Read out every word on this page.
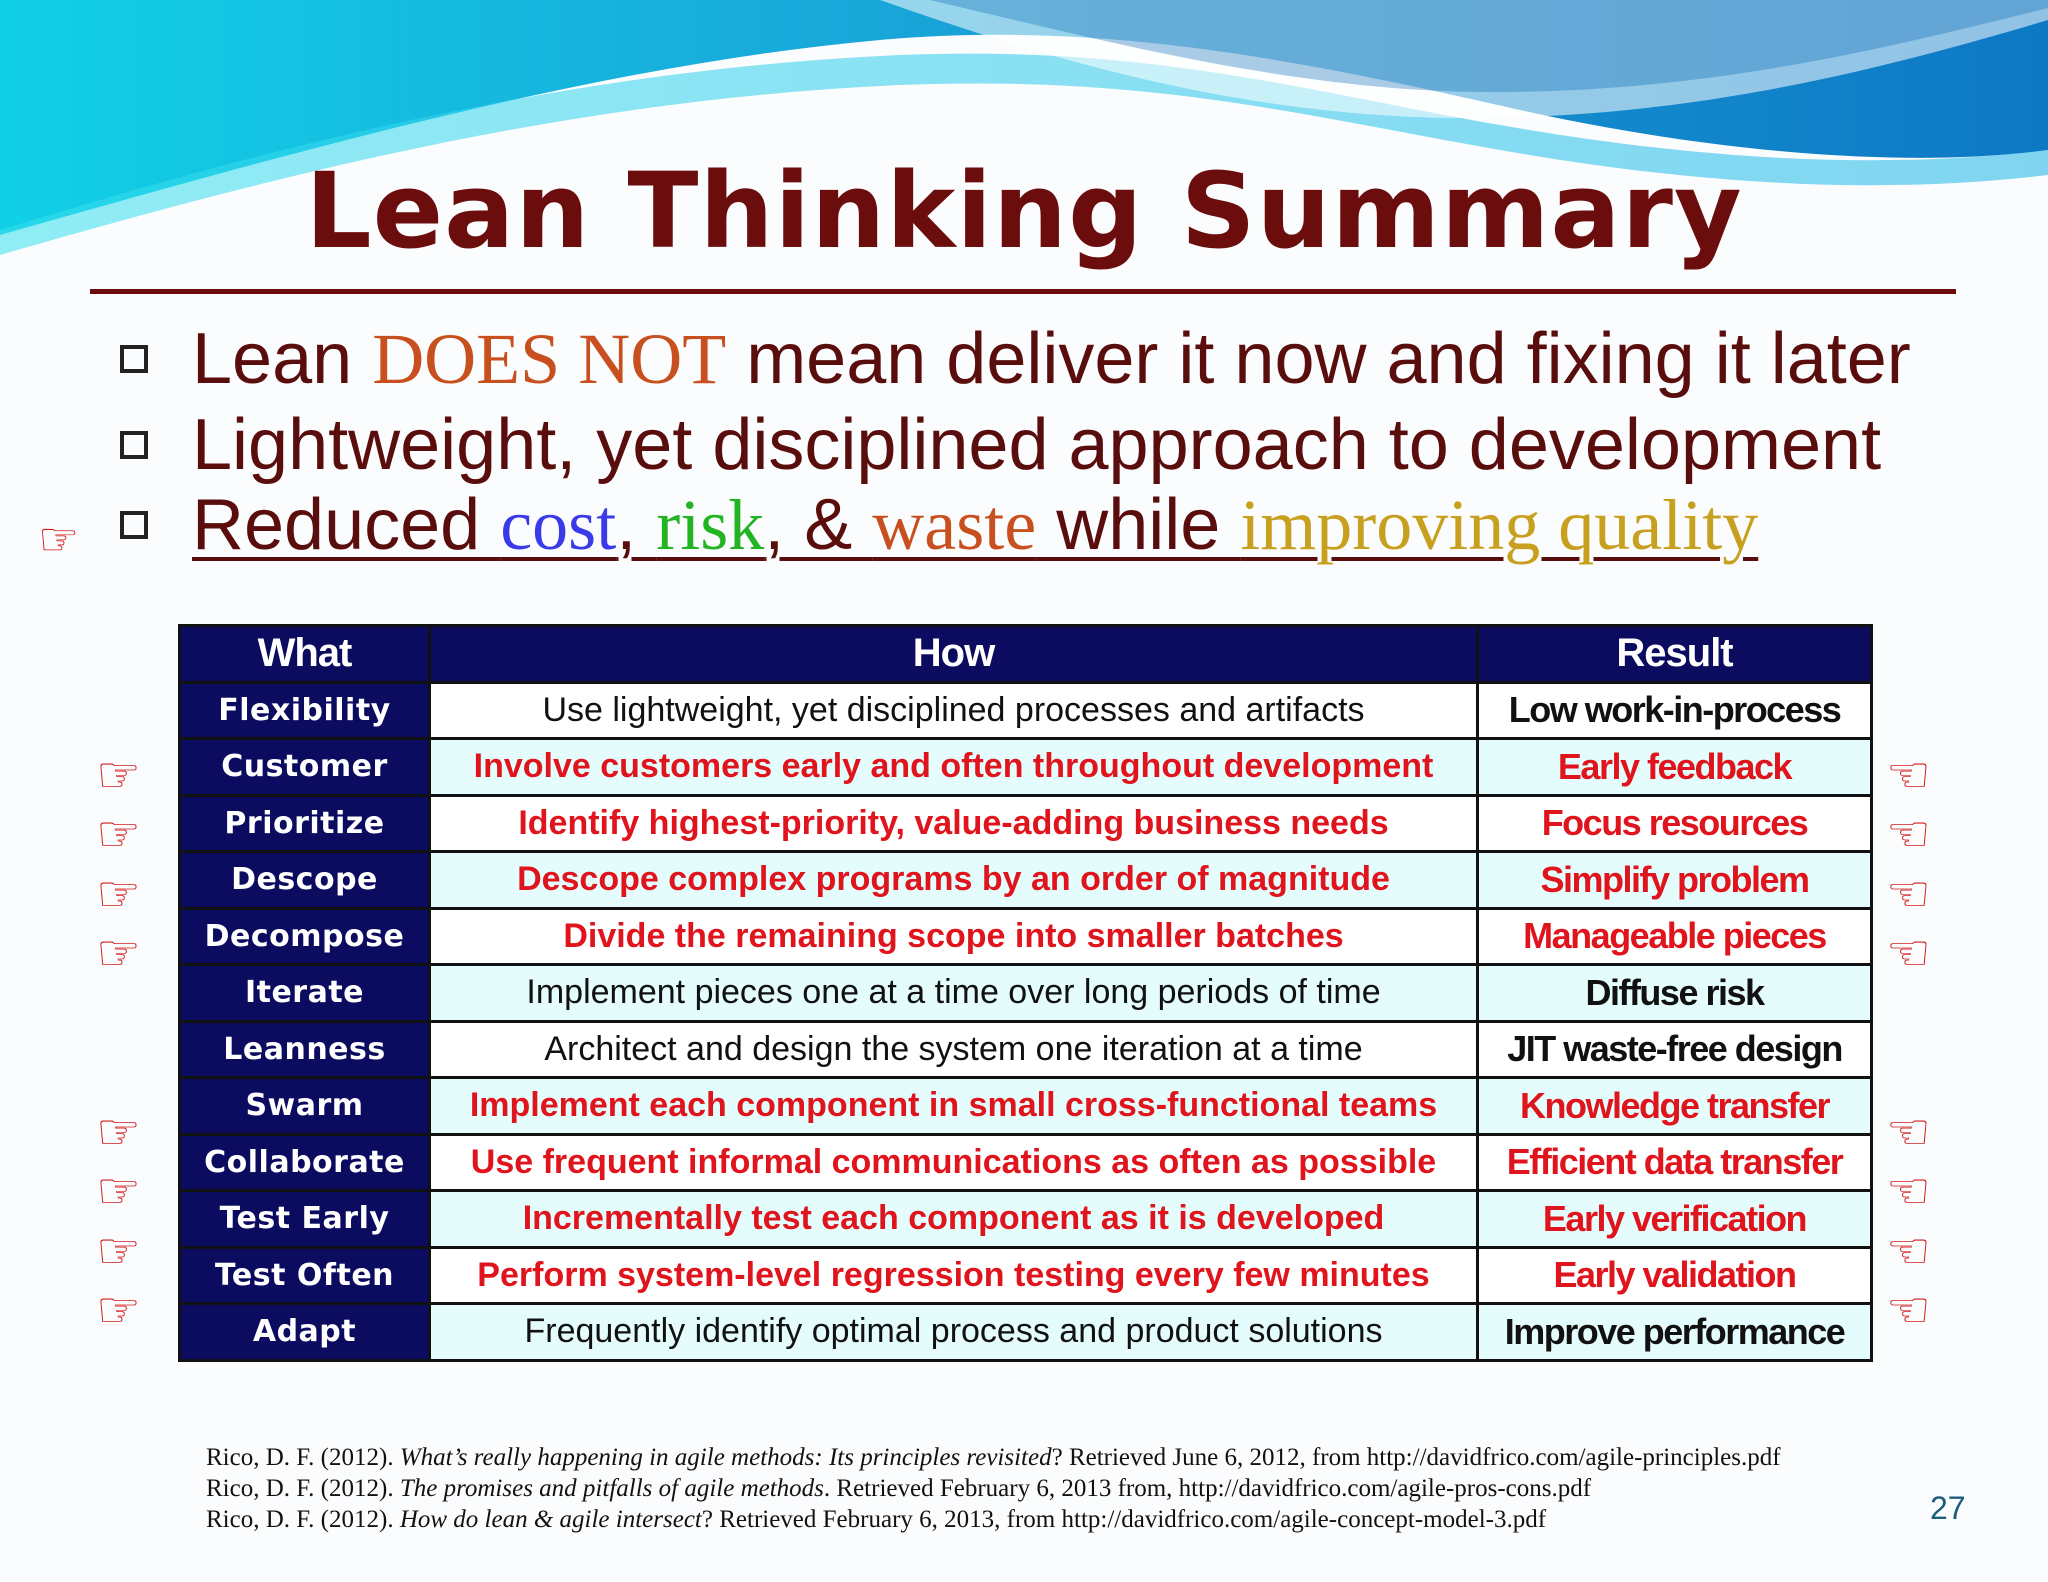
Lean Thinking Summary
Lean DOES NOT mean deliver it now and fixing it later
Lightweight, yet disciplined approach to development
☞	Reduced cost, risk, & waste while improving quality
What	How	Result
Flexibility	Use lightweight, yet disciplined processes and artifacts	Low work-in-process
Customer	Involve customers early and often throughout development	Early feedback
Prioritize	Identify highest-priority, value-adding business needs	Focus resources
Descope	Descope complex programs by an order of magnitude	Simplify problem
Decompose	Divide the remaining scope into smaller batches	Manageable pieces
Iterate	Implement pieces one at a time over long periods of time	Diffuse risk
Leanness	Architect and design the system one iteration at a time	JIT waste-free design
Swarm	Implement each component in small cross-functional teams	Knowledge transfer
Collaborate	Use frequent informal communications as often as possible	Efficient data transfer
Test Early	Incrementally test each component as it is developed	Early verification
Test Often	Perform system-level regression testing every few minutes	Early validation
Adapt	Frequently identify optimal process and product solutions	Improve performance
☞	☞
☞	☞
☞	☞
☞	☞
☞	☞
☞	☞
☞	☞
☞	☞
Rico, D. F. (2012). What’s really happening in agile methods: Its principles revisited? Retrieved June 6, 2012, from http://davidfrico.com/agile-principles.pdf
Rico, D. F. (2012). The promises and pitfalls of agile methods. Retrieved February 6, 2013 from, http://davidfrico.com/agile-pros-cons.pdf
Rico, D. F. (2012). How do lean & agile intersect? Retrieved February 6, 2013, from http://davidfrico.com/agile-concept-model-3.pdf	27
